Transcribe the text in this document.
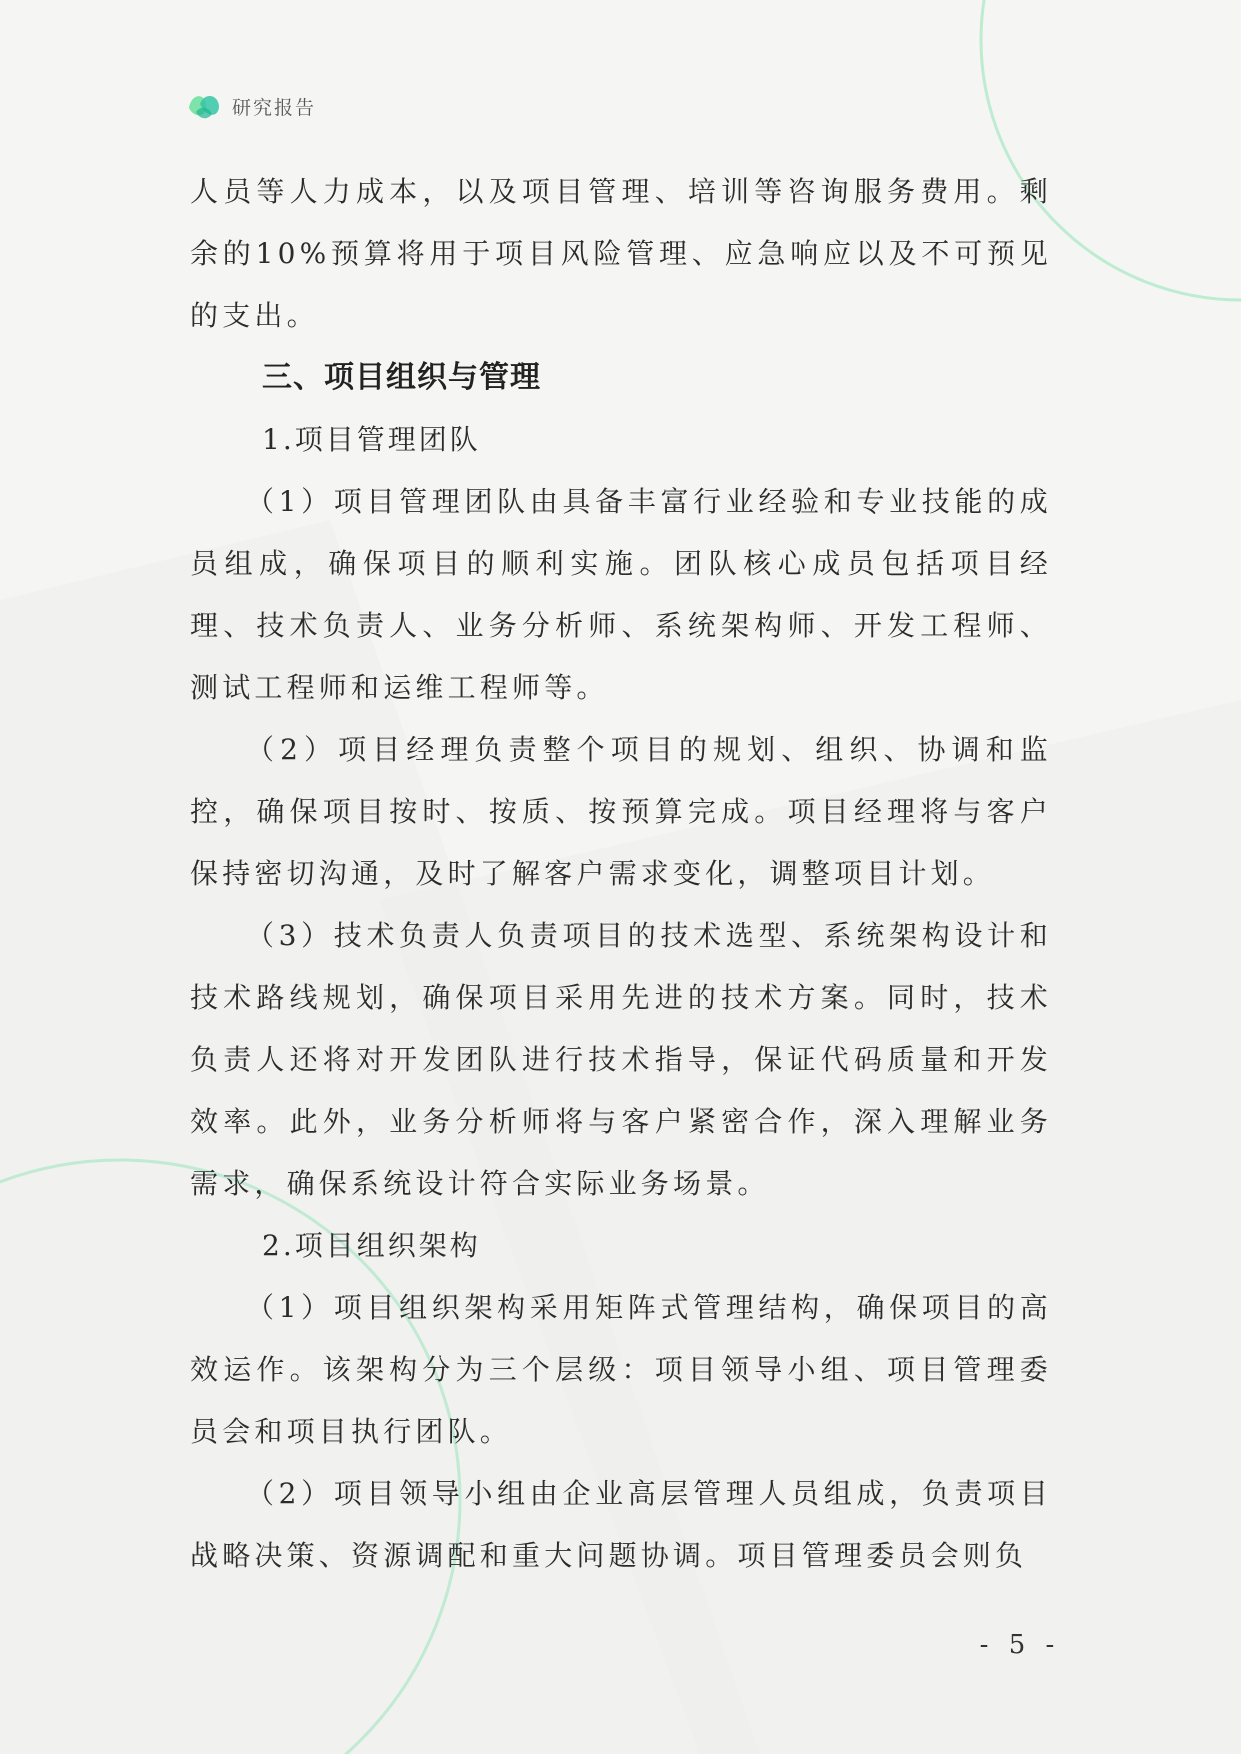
研究报告

人员等人力成本，以及项目管理、培训等咨询服务费用。剩余的10%预算将用于项目风险管理、应急响应以及不可预见的支出。

三、项目组织与管理

1.项目管理团队

（1）项目管理团队由具备丰富行业经验和专业技能的成员组成，确保项目的顺利实施。团队核心成员包括项目经理、技术负责人、业务分析师、系统架构师、开发工程师、测试工程师和运维工程师等。

（2）项目经理负责整个项目的规划、组织、协调和监控，确保项目按时、按质、按预算完成。项目经理将与客户保持密切沟通，及时了解客户需求变化，调整项目计划。

（3）技术负责人负责项目的技术选型、系统架构设计和技术路线规划，确保项目采用先进的技术方案。同时，技术负责人还将对开发团队进行技术指导，保证代码质量和开发效率。此外，业务分析师将与客户紧密合作，深入理解业务需求，确保系统设计符合实际业务场景。

2.项目组织架构

（1）项目组织架构采用矩阵式管理结构，确保项目的高效运作。该架构分为三个层级：项目领导小组、项目管理委员会和项目执行团队。

（2）项目领导小组由企业高层管理人员组成，负责项目战略决策、资源调配和重大问题协调。项目管理委员会则负

- 5 -
